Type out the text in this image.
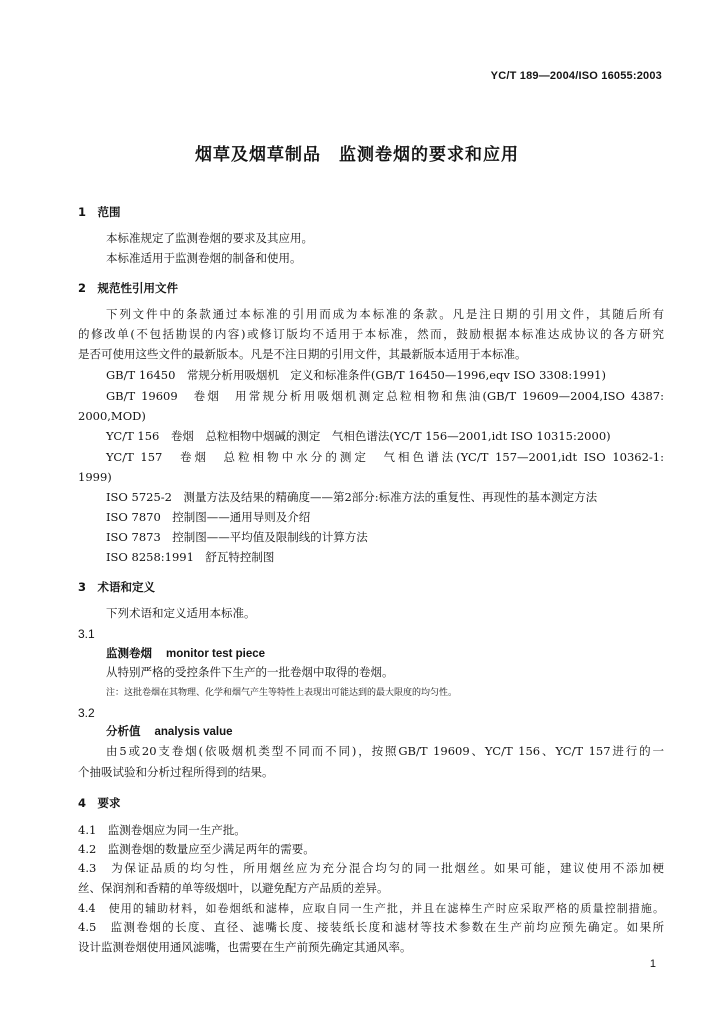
YC/T 189—2004/ISO 16055:2003
烟草及烟草制品　监测卷烟的要求和应用
1　范围
本标准规定了监测卷烟的要求及其应用。
本标准适用于监测卷烟的制备和使用。
2　规范性引用文件
下列文件中的条款通过本标准的引用而成为本标准的条款。凡是注日期的引用文件，其随后所有
的修改单(不包括勘误的内容)或修订版均不适用于本标准，然而，鼓励根据本标准达成协议的各方研究
是否可使用这些文件的最新版本。凡是不注日期的引用文件，其最新版本适用于本标准。
GB/T 16450　常规分析用吸烟机　定义和标准条件(GB/T 16450—1996,eqv ISO 3308:1991)
GB/T 19609　卷烟　用常规分析用吸烟机测定总粒相物和焦油(GB/T 19609—2004,ISO 4387:
2000,MOD)
YC/T 156　卷烟　总粒相物中烟碱的测定　气相色谱法(YC/T 156—2001,idt ISO 10315:2000)
YC/T 157　卷烟　总粒相物中水分的测定　气相色谱法(YC/T 157—2001,idt ISO 10362-1:
1999)
ISO 5725-2　测量方法及结果的精确度——第2部分:标准方法的重复性、再现性的基本测定方法
ISO 7870　控制图——通用导则及介绍
ISO 7873　控制图——平均值及限制线的计算方法
ISO 8258:1991　舒瓦特控制图
3　术语和定义
下列术语和定义适用本标准。
3.1
监测卷烟 monitor test piece
从特别严格的受控条件下生产的一批卷烟中取得的卷烟。
注：这批卷烟在其物理、化学和烟气产生等特性上表现出可能达到的最大限度的均匀性。
3.2
分析值 analysis value
由5或20支卷烟(依吸烟机类型不同而不同)，按照GB/T 19609、YC/T 156、YC/T 157进行的一
个抽吸试验和分析过程所得到的结果。
4　要求
4.1　监测卷烟应为同一生产批。
4.2　监测卷烟的数量应至少满足两年的需要。
4.3　为保证品质的均匀性，所用烟丝应为充分混合均匀的同一批烟丝。如果可能，建议使用不添加梗
丝、保润剂和香精的单等级烟叶，以避免配方产品质的差异。
4.4　使用的辅助材料，如卷烟纸和滤棒，应取自同一生产批，并且在滤棒生产时应采取严格的质量控制措施。
4.5　监测卷烟的长度、直径、滤嘴长度、接装纸长度和滤材等技术参数在生产前均应预先确定。如果所
设计监测卷烟使用通风滤嘴，也需要在生产前预先确定其通风率。
1
